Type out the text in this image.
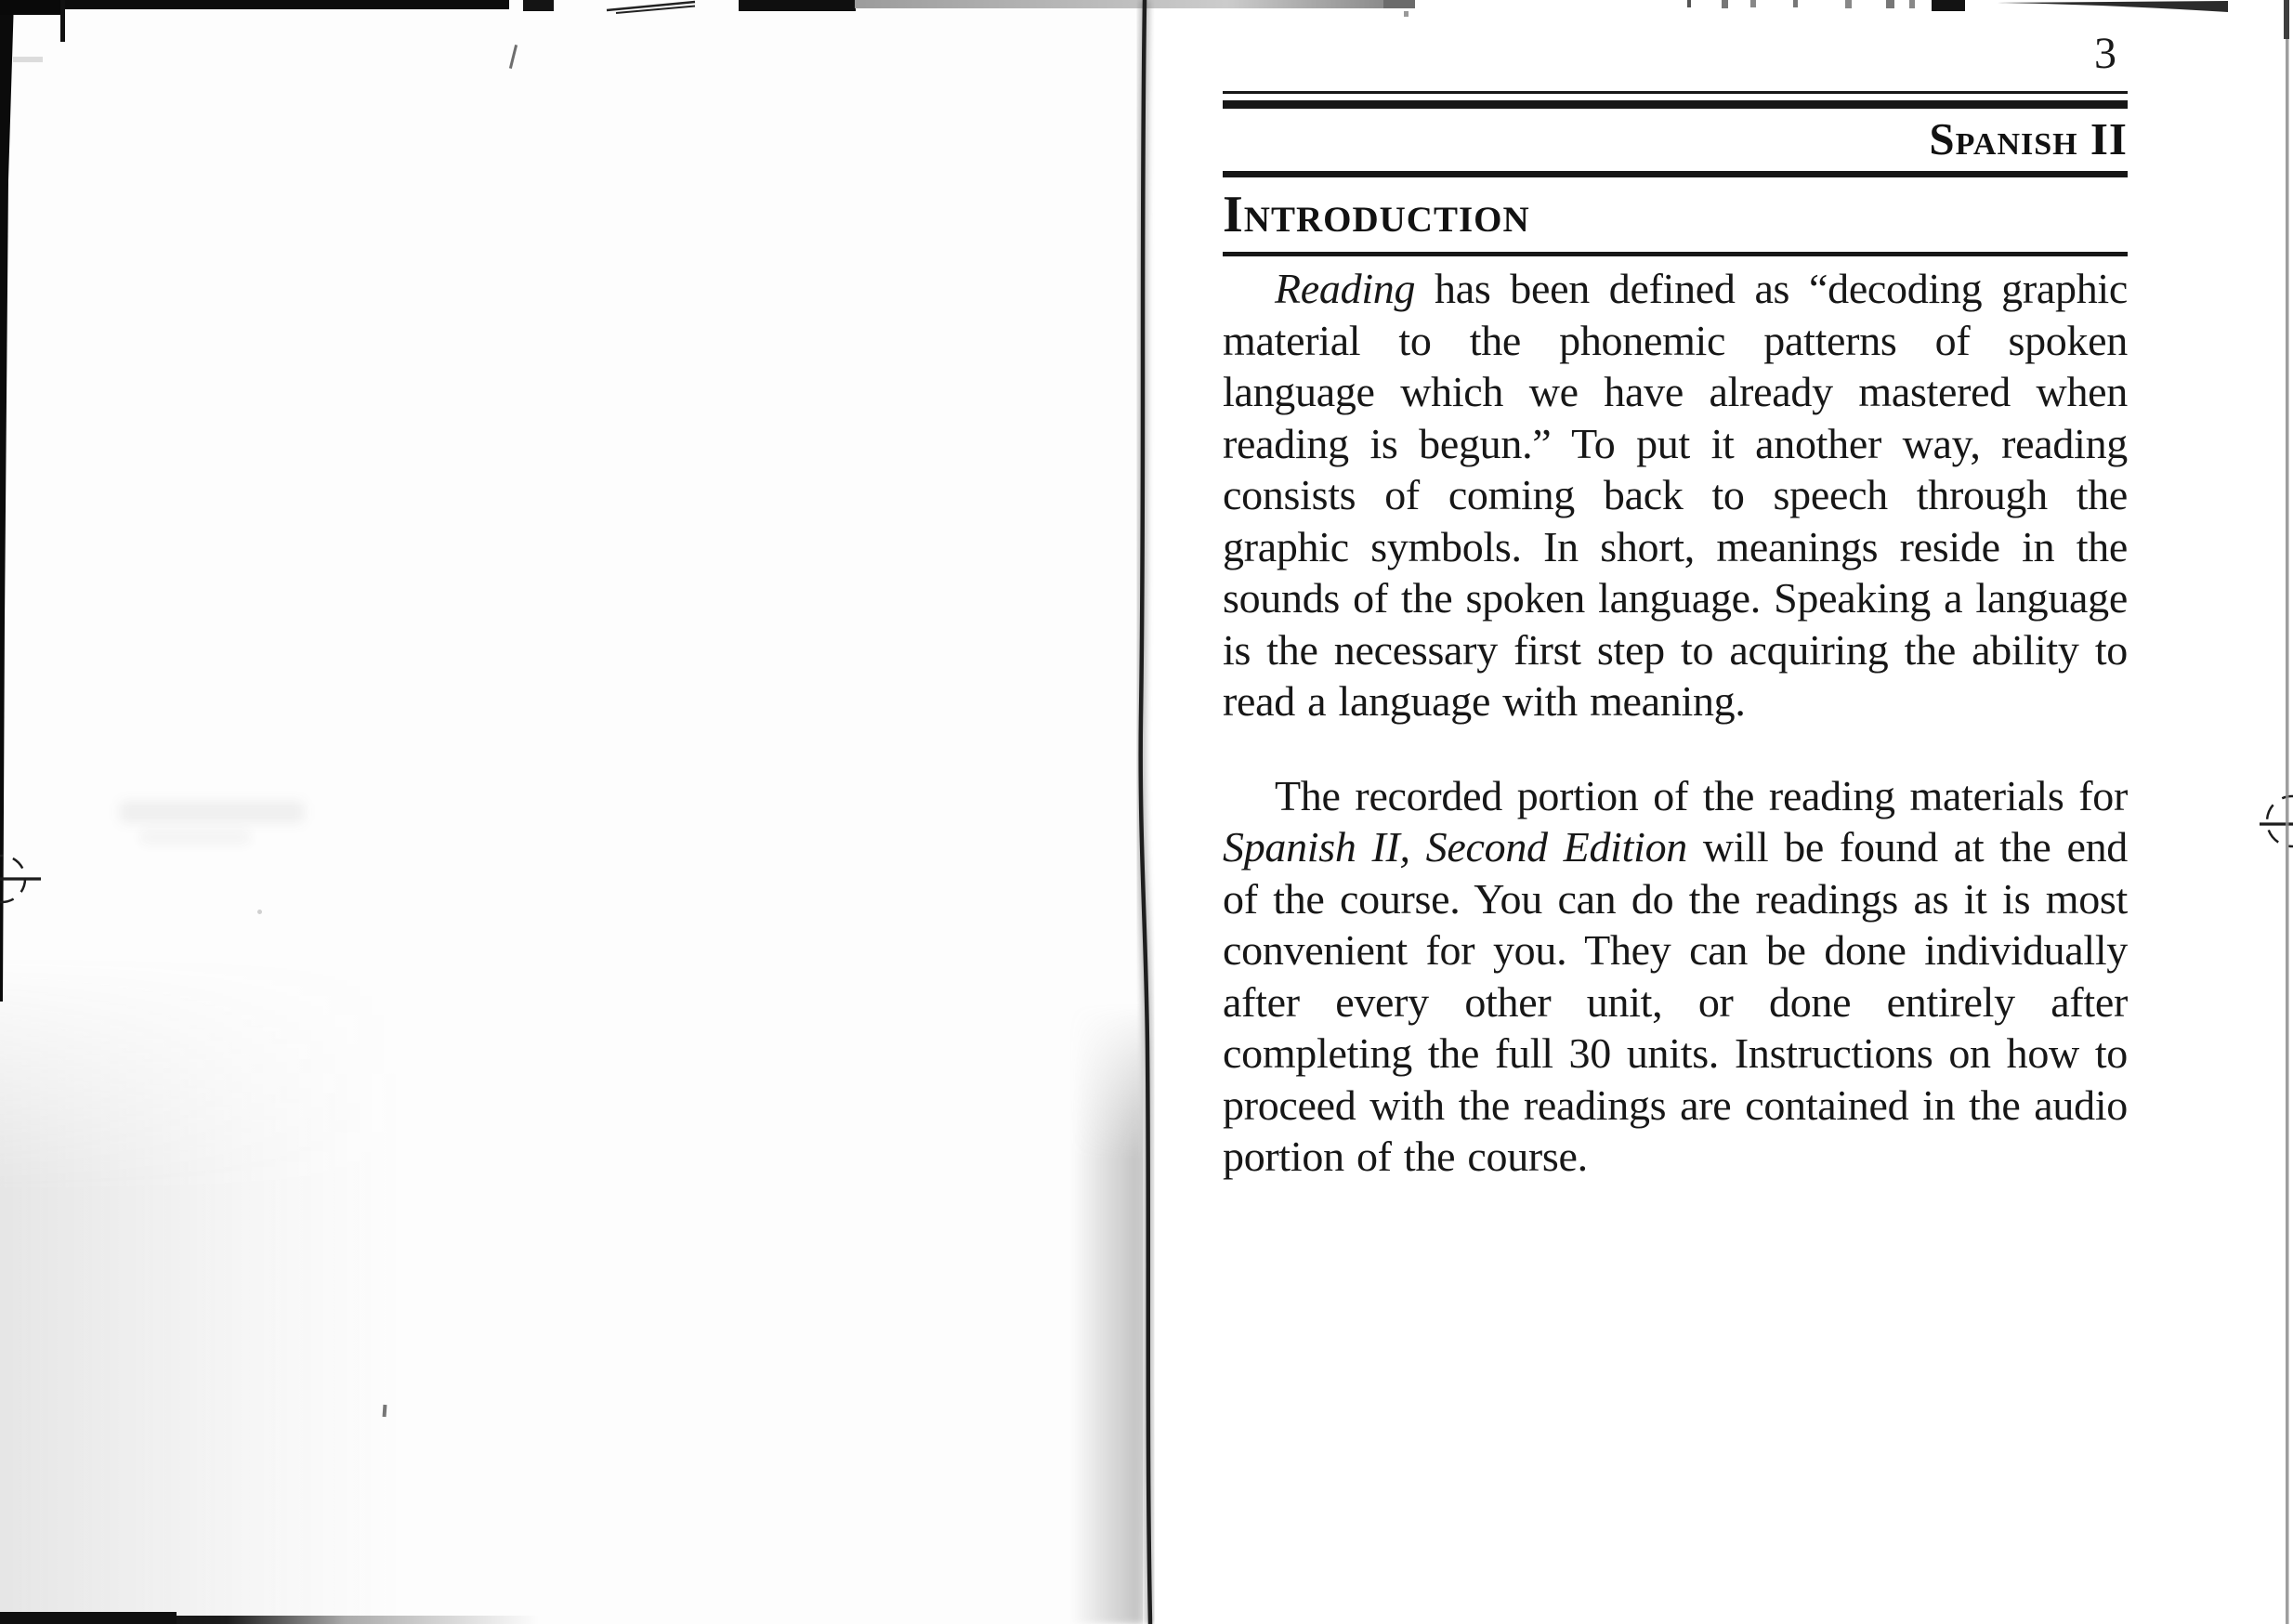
3
Spanish II
Introduction

Reading has been defined as “decoding graphic material to the phonemic patterns of spoken language which we have already mastered when reading is begun.” To put it another way, reading consists of coming back to speech through the graphic symbols. In short, meanings reside in the sounds of the spoken language. Speaking a language is the necessary first step to acquiring the ability to read a language with meaning.

The recorded portion of the reading materials for Spanish II, Second Edition will be found at the end of the course. You can do the readings as it is most convenient for you. They can be done individually after every other unit, or done entirely after completing the full 30 units. Instructions on how to proceed with the readings are contained in the audio portion of the course.
